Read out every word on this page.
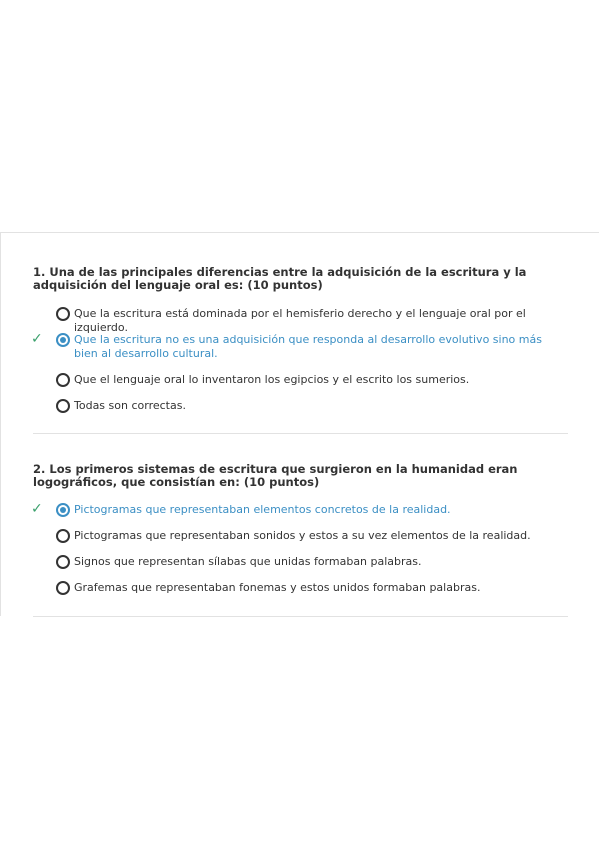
1. Una de las principales diferencias entre la adquisición de la escritura y la adquisición del lenguaje oral es: (10 puntos)

Que la escritura está dominada por el hemisferio derecho y el lenguaje oral por el izquierdo.
✓	Que la escritura no es una adquisición que responda al desarrollo evolutivo sino más bien al desarrollo cultural.
Que el lenguaje oral lo inventaron los egipcios y el escrito los sumerios.
Todas son correctas.

2. Los primeros sistemas de escritura que surgieron en la humanidad eran logográficos, que consistían en: (10 puntos)

✓	Pictogramas que representaban elementos concretos de la realidad.
Pictogramas que representaban sonidos y estos a su vez elementos de la realidad.
Signos que representan sílabas que unidas formaban palabras.
Grafemas que representaban fonemas y estos unidos formaban palabras.
